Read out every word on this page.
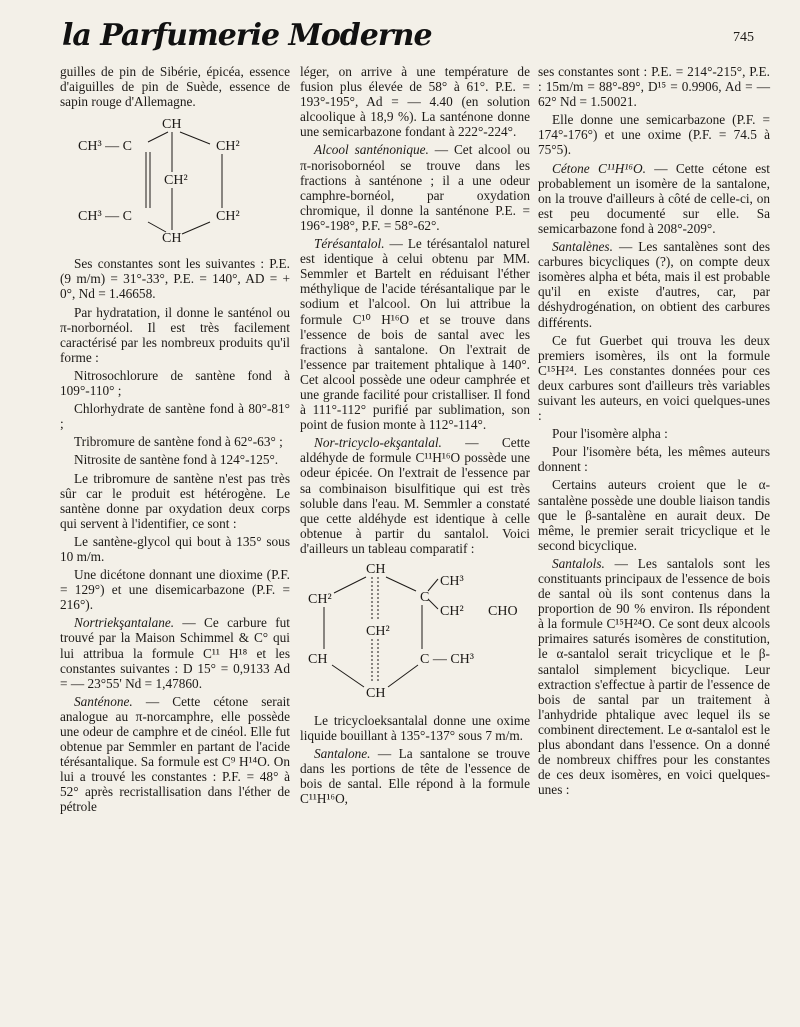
la Parfumerie Moderne	745

guilles de pin de Sibérie, épicéa, essence d'aiguilles de pin de Suède, essence de sapin rouge d'Allemagne.

CH
CH³ — C	CH²
CH²
CH³ — C	CH²
CH

Ses constantes sont les suivantes : P.E. (9 m/m) = 31°-33°, P.E. = 140°, AD = + 0°, Nd = 1.46658.

Par hydratation, il donne le santénol ou π-norbornéol. Il est très facilement caractérisé par les nombreux produits qu'il forme :

Nitrosochlorure de santène fond à 109°-110° ;

Chlorhydrate de santène fond à 80°-81° ;

Tribromure de santène fond à 62°-63° ;

Nitrosite de santène fond à 124°-125°.

Le tribromure de santène n'est pas très sûr car le produit est hétérogène. Le santène donne par oxydation deux corps qui servent à l'identifier, ce sont :

Le santène-glycol qui bout à 135° sous 10 m/m.

Une dicétone donnant une dioxime (P.F. = 129°) et une disemicarbazone (P.F. = 216°).

Nortriekşantalane. — Ce carbure fut trouvé par la Maison Schimmel & C° qui lui attribua la formule C¹¹ H¹⁸ et les constantes suivantes : D 15° = 0,9133 Ad = — 23°55' Nd = 1,47860.

Santénone. — Cette cétone serait analogue au π-norcamphre, elle possède une odeur de camphre et de cinéol. Elle fut obtenue par Semmler en partant de l'acide térésantalique. Sa formule est C⁹ H¹⁴O. On lui a trouvé les constantes : P.F. = 48° à 52° après recristallisation dans l'éther de pétrole

léger, on arrive à une température de fusion plus élevée de 58° à 61°. P.E. = 193°-195°, Ad = — 4.40 (en solution alcoolique à 18,9 %). La santénone donne une semicarbazone fondant à 222°-224°.

Alcool santénonique. — Cet alcool ou π-norisobornéol se trouve dans les fractions à santénone ; il a une odeur camphre-bornéol, par oxydation chromique, il donne la santénone P.E. = 196°-198°, P.F. = 58°-62°.

Térésantalol. — Le térésantalol naturel est identique à celui obtenu par MM. Semmler et Bartelt en réduisant l'éther méthylique de l'acide térésantalique par le sodium et l'alcool. On lui attribue la formule C¹⁰ H¹⁶O et se trouve dans l'essence de bois de santal avec les fractions à santalone. On l'extrait de l'essence par traitement phtalique à 140°. Cet alcool possède une odeur camphrée et une grande facilité pour cristalliser. Il fond à 111°-112° purifié par sublimation, son point de fusion monte à 112°-114°.

Nor-tricyclo-ekşantalal. — Cette aldéhyde de formule C¹¹H¹⁶O possède une odeur épicée. On l'extrait de l'essence par sa combinaison bisulfitique qui est très soluble dans l'eau. M. Semmler a constaté que cette aldéhyde est identique à celle obtenue à partir du santalol. Voici d'ailleurs un tableau comparatif :

CH
CH²
CH³
C
CH² CHO
CH²
CH	C — CH³
CH

Le tricycloeksantalal donne une oxime liquide bouillant à 135°-137° sous 7 m/m.

Santalone. — La santalone se trouve dans les portions de tête de l'essence de bois de santal. Elle répond à la formule C¹¹H¹⁶O,

ses constantes sont : P.E. = 214°-215°, P.E. : 15m/m = 88°-89°, D¹⁵ = 0.9906, Ad = —62° Nd = 1.50021.

Elle donne une semicarbazone (P.F. = 174°-176°) et une oxime (P.F. = 74.5 à 75°5).

Cétone C¹¹H¹⁶O. — Cette cétone est probablement un isomère de la santalone, on la trouve d'ailleurs à côté de celle-ci, on est peu documenté sur elle. Sa semicarbazone fond à 208°-209°.

Santalènes. — Les santalènes sont des carbures bicycliques (?), on compte deux isomères alpha et béta, mais il est probable qu'il en existe d'autres, car, par déshydrogénation, on obtient des carbures différents.

Ce fut Guerbet qui trouva les deux premiers isomères, ils ont la formule C¹⁵H²⁴. Les constantes données pour ces deux carbures sont d'ailleurs très variables suivant les auteurs, en voici quelques-unes :

Pour l'isomère alpha :

Pour l'isomère béta, les mêmes auteurs donnent :

Certains auteurs croient que le α-santalène possède une double liaison tandis que le β-santalène en aurait deux. De même, le premier serait tricyclique et le second bicyclique.

Santalols. — Les santalols sont les constituants principaux de l'essence de bois de santal où ils sont contenus dans la proportion de 90 % environ. Ils répondent à la formule C¹⁵H²⁴O. Ce sont deux alcools primaires saturés isomères de constitution, le α-santalol serait tricyclique et le β-santalol simplement bicyclique. Leur extraction s'effectue à partir de l'essence de bois de santal par un traitement à l'anhydride phtalique avec lequel ils se combinent directement. Le α-santalol est le plus abondant dans l'essence. On a donné de nombreux chiffres pour les constantes de ces deux isomères, en voici quelques-unes :
